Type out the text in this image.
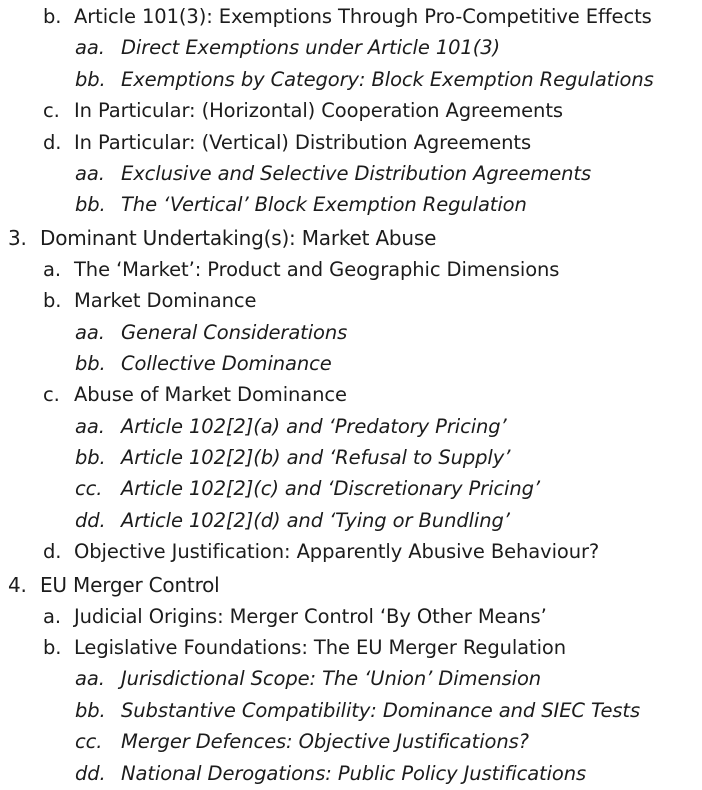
b. Article 101(3): Exemptions Through Pro-Competitive Effects
aa. Direct Exemptions under Article 101(3)
bb. Exemptions by Category: Block Exemption Regulations
c. In Particular: (Horizontal) Cooperation Agreements
d. In Particular: (Vertical) Distribution Agreements
aa. Exclusive and Selective Distribution Agreements
bb. The ‘Vertical’ Block Exemption Regulation
3. Dominant Undertaking(s): Market Abuse
a. The ‘Market’: Product and Geographic Dimensions
b. Market Dominance
aa. General Considerations
bb. Collective Dominance
c. Abuse of Market Dominance
aa. Article 102[2](a) and ‘Predatory Pricing’
bb. Article 102[2](b) and ‘Refusal to Supply’
cc. Article 102[2](c) and ‘Discretionary Pricing’
dd. Article 102[2](d) and ‘Tying or Bundling’
d. Objective Justification: Apparently Abusive Behaviour?
4. EU Merger Control
a. Judicial Origins: Merger Control ‘By Other Means’
b. Legislative Foundations: The EU Merger Regulation
aa. Jurisdictional Scope: The ‘Union’ Dimension
bb. Substantive Compatibility: Dominance and SIEC Tests
cc. Merger Defences: Objective Justifications?
dd. National Derogations: Public Policy Justifications
